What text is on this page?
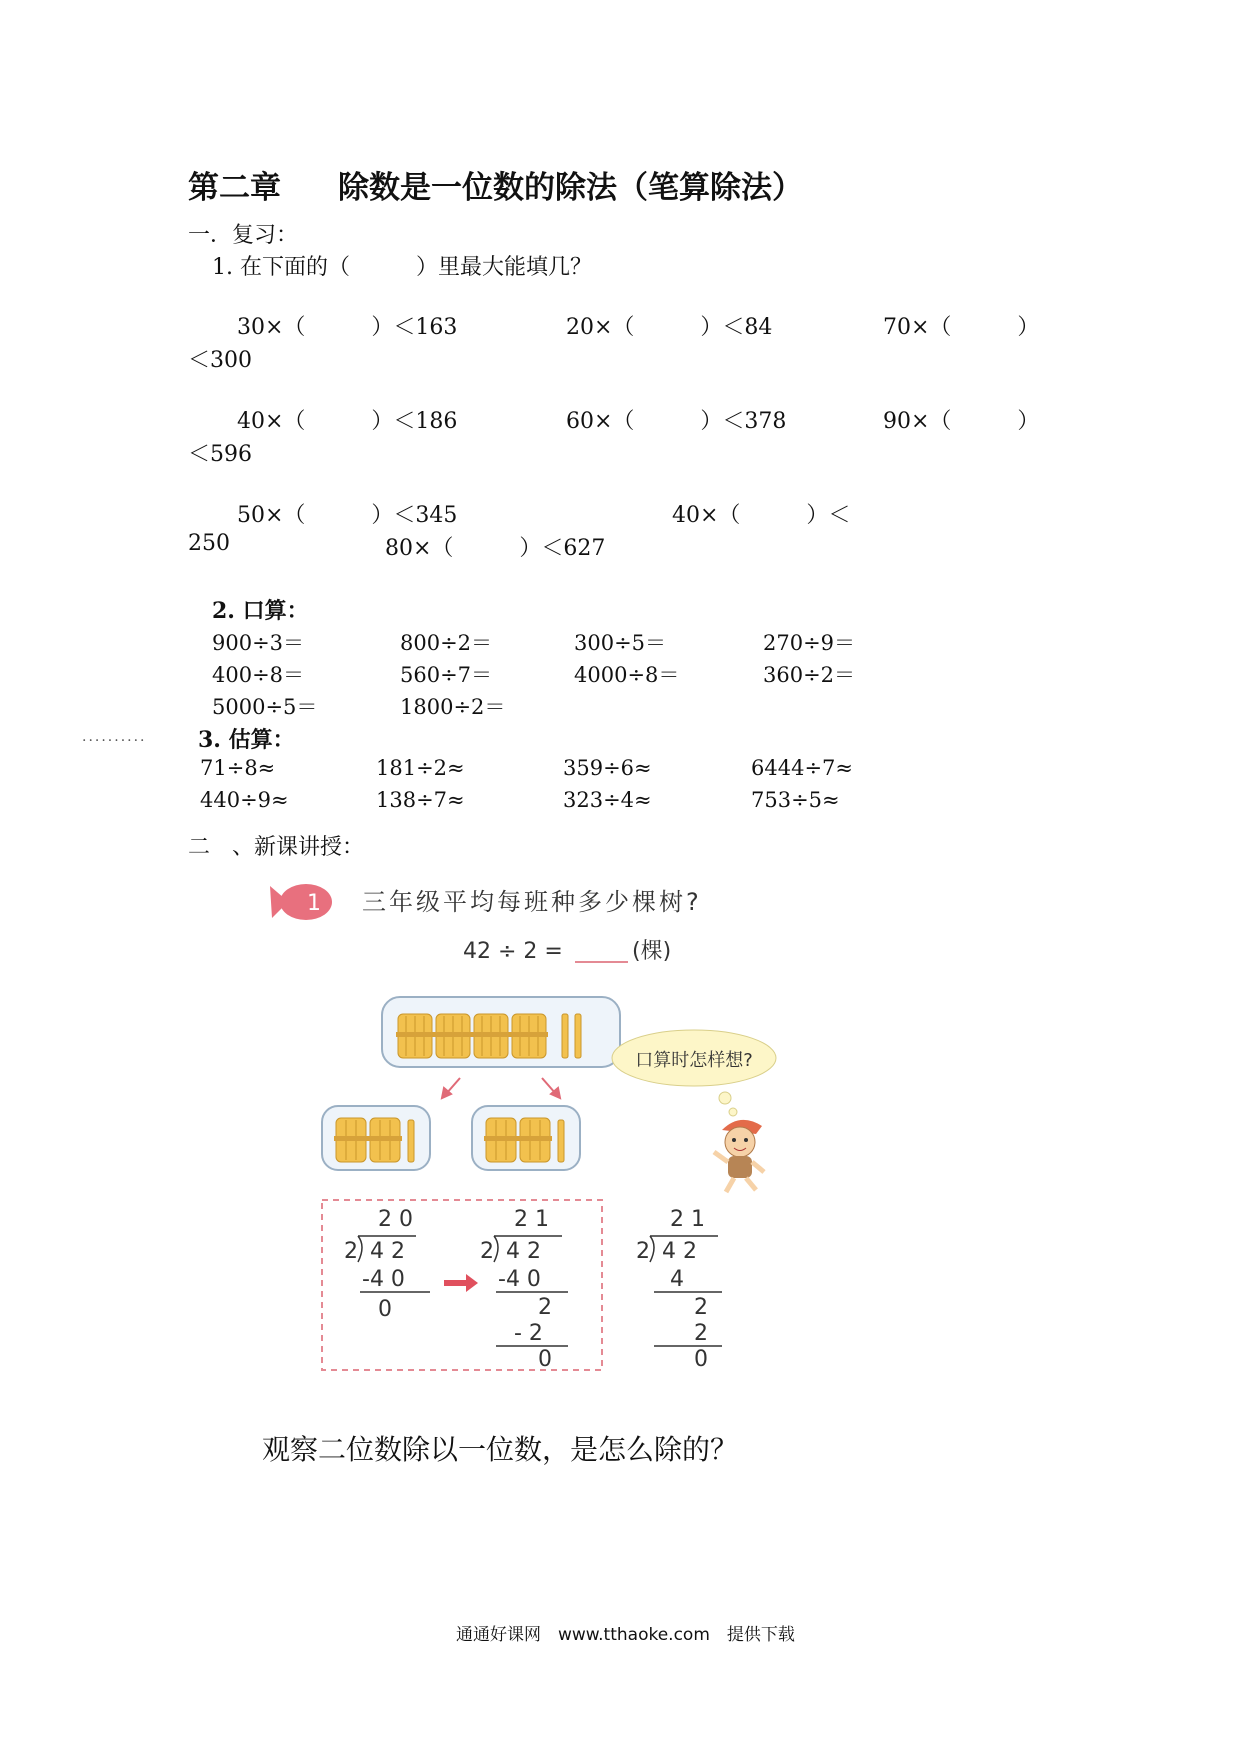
第二章 除数是一位数的除法（笔算除法）
一．复习：
1. 在下面的（　　　）里最大能填几？
30×（　　　）＜163	20×（　　　）＜84	70×（　　　）
＜300
40×（　　　）＜186	60×（　　　）＜378	90×（　　　）
＜596
50×（　　　）＜345	40×（　　　）＜
250	80×（　　　）＜627
2. 口算：
900÷3＝	800÷2＝	300÷5＝	270÷9＝
400÷8＝	560÷7＝	4000÷8＝	360÷2＝
5000÷5＝	1800÷2＝
·········· 3. 估算：
71÷8≈	181÷2≈	359÷6≈	6444÷7≈
440÷9≈	138÷7≈	323÷4≈	753÷5≈
二　、新课讲授：
1 三年级平均每班种多少棵树?
42 ÷ 2 =	(棵)
口算时怎样想?
2 0
2 4 2
-4 0
0
2 1
2 4 2
-4 0
2
- 2
0
2 1
2 4 2
4
2
2
0
观察二位数除以一位数，是怎么除的？
通通好课网　www.tthaoke.com　提供下载
